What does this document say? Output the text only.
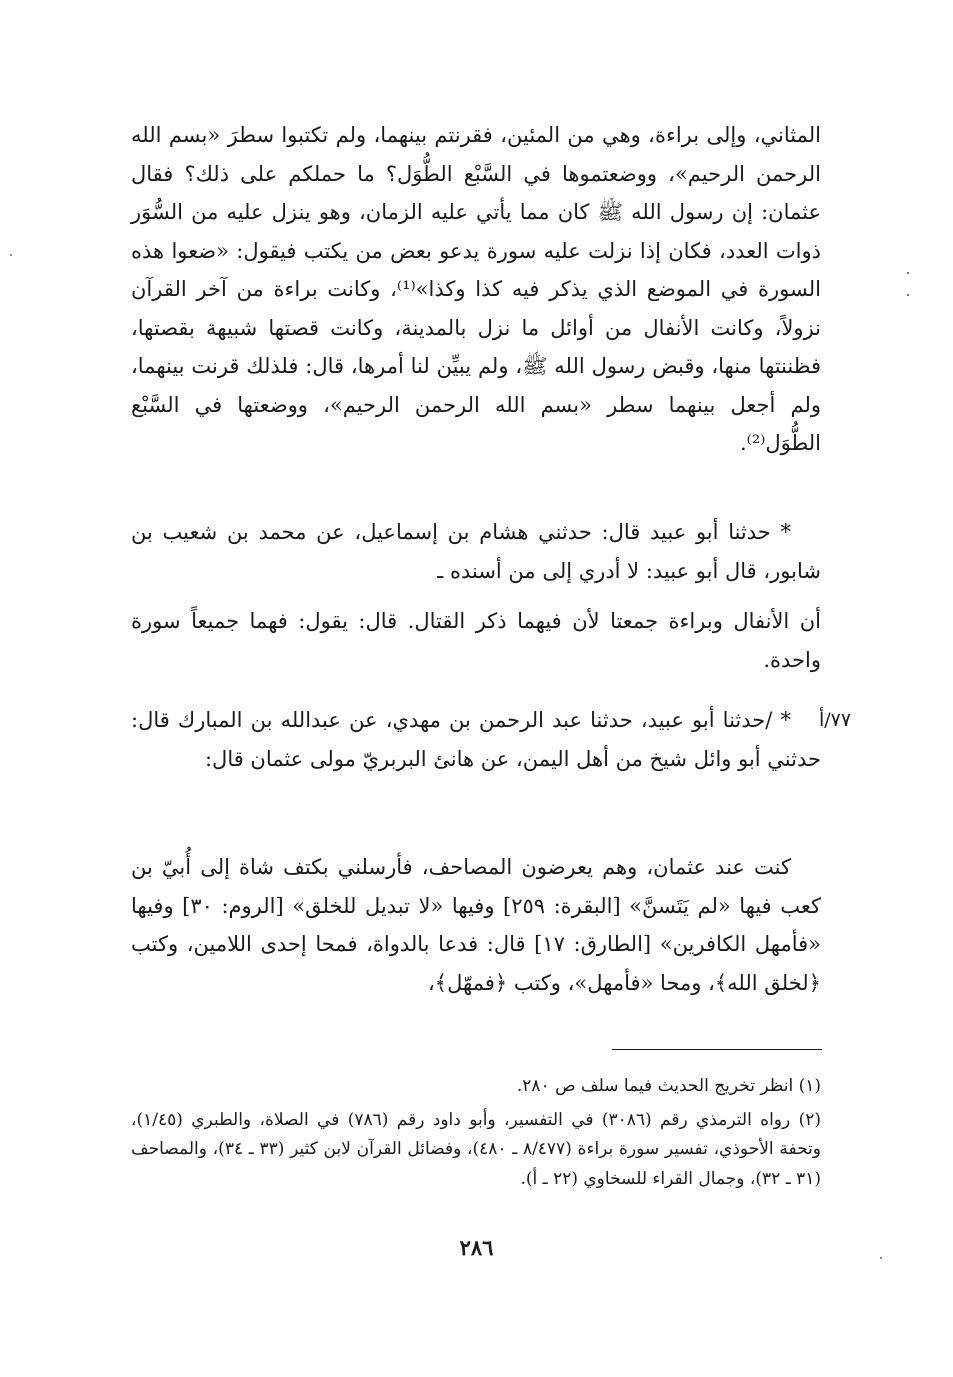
المثاني، وإلى براءة، وهي من المئين، فقرنتم بينهما، ولم تكتبوا سطرَ «بسم الله الرحمن الرحيم»، ووضعتموها في السَّبْع الطُّوَل؟ ما حملكم على ذلك؟ فقال عثمان: إن رسول الله ﷺ كان مما يأتي عليه الزمان، وهو ينزل عليه من السُّوَر ذوات العدد، فكان إذا نزلت عليه سورة يدعو بعض من يكتب فيقول: «ضعوا هذه السورة في الموضع الذي يذكر فيه كذا وكذا»⁽¹⁾، وكانت براءة من آخر القرآن نزولاً، وكانت الأنفال من أوائل ما نزل بالمدينة، وكانت قصتها شبيهة بقصتها، فظننتها منها، وقبض رسول الله ﷺ، ولم يبيِّن لنا أمرها، قال: فلذلك قرنت بينهما، ولم أجعل بينهما سطر «بسم الله الرحمن الرحيم»، ووضعتها في السَّبْع الطُّوَل⁽²⁾.

* حدثنا أبو عبيد قال: حدثني هشام بن إسماعيل، عن محمد بن شعيب بن شابور، قال أبو عبيد: لا أدري إلى من أسنده ـ

أن الأنفال وبراءة جمعتا لأن فيهما ذكر القتال. قال: يقول: فهما جميعاً سورة واحدة.

٧٧/أ

* /حدثنا أبو عبيد، حدثنا عبد الرحمن بن مهدي، عن عبدالله بن المبارك قال: حدثني أبو وائل شيخ من أهل اليمن، عن هانئ البربريّ مولى عثمان قال:

كنت عند عثمان، وهم يعرضون المصاحف، فأرسلني بكتف شاة إلى أُبيّ بن كعب فيها «لم يَتَسنَّ» [البقرة: ٢٥٩] وفيها «لا تبديل للخلق» [الروم: ٣٠] وفيها «فأمهل الكافرين» [الطارق: ١٧] قال: فدعا بالدواة، فمحا إحدى اللامين، وكتب ﴿لخلق الله﴾، ومحا «فأمهل»، وكتب ﴿فمهّل﴾،

(١) انظر تخريج الحديث فيما سلف ص ٢٨٠.

(٢) رواه الترمذي رقم (٣٠٨٦) في التفسير، وأبو داود رقم (٧٨٦) في الصلاة، والطبري (١/٤٥)، وتحفة الأحوذي، تفسير سورة براءة (٨/٤٧٧ ـ ٤٨٠)، وفضائل القرآن لابن كثير (٣٣ ـ ٣٤)، والمصاحف (٣١ ـ ٣٢)، وجمال القراء للسخاوي (٢٢ ـ أ).

٢٨٦
